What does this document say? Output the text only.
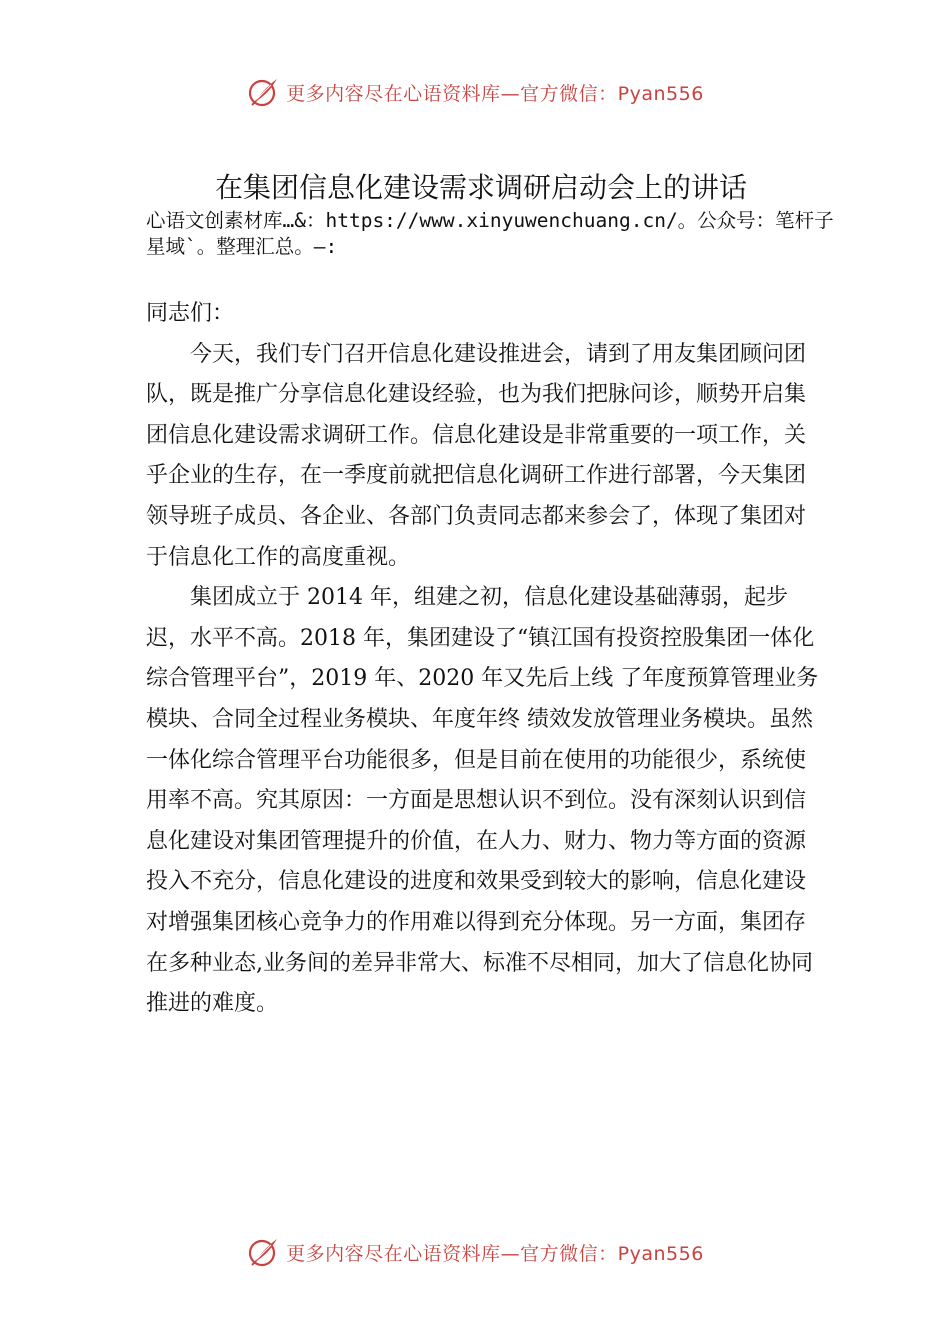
更多内容尽在心语资料库—官方微信：Pyan556
在集团信息化建设需求调研启动会上的讲话
心语文创素材库…&：https://www.xinyuwenchuang.cn/。公众号：笔杆子星域`。整理汇总。—:

同志们：

今天，我们专门召开信息化建设推进会，请到了用友集团顾问团队，既是推广分享信息化建设经验，也为我们把脉问诊，顺势开启集团信息化建设需求调研工作。信息化建设是非常重要的一项工作，关乎企业的生存，在一季度前就把信息化调研工作进行部署，今天集团领导班子成员、各企业、各部门负责同志都来参会了，体现了集团对于信息化工作的高度重视。

集团成立于 2014 年，组建之初，信息化建设基础薄弱，起步迟，水平不高。2018 年，集团建设了“镇江国有投资控股集团一体化综合管理平台”，2019 年、2020 年又先后上线 了年度预算管理业务模块、合同全过程业务模块、年度年终 绩效发放管理业务模块。虽然一体化综合管理平台功能很多，但是目前在使用的功能很少，系统使用率不高。究其原因：一方面是思想认识不到位。没有深刻认识到信息化建设对集团管理提升的价值，在人力、财力、物力等方面的资源投入不充分，信息化建设的进度和效果受到较大的影响，信息化建设对增强集团核心竞争力的作用难以得到充分体现。另一方面，集团存在多种业态,业务间的差异非常大、标准不尽相同，加大了信息化协同推进的难度。

更多内容尽在心语资料库—官方微信：Pyan556
